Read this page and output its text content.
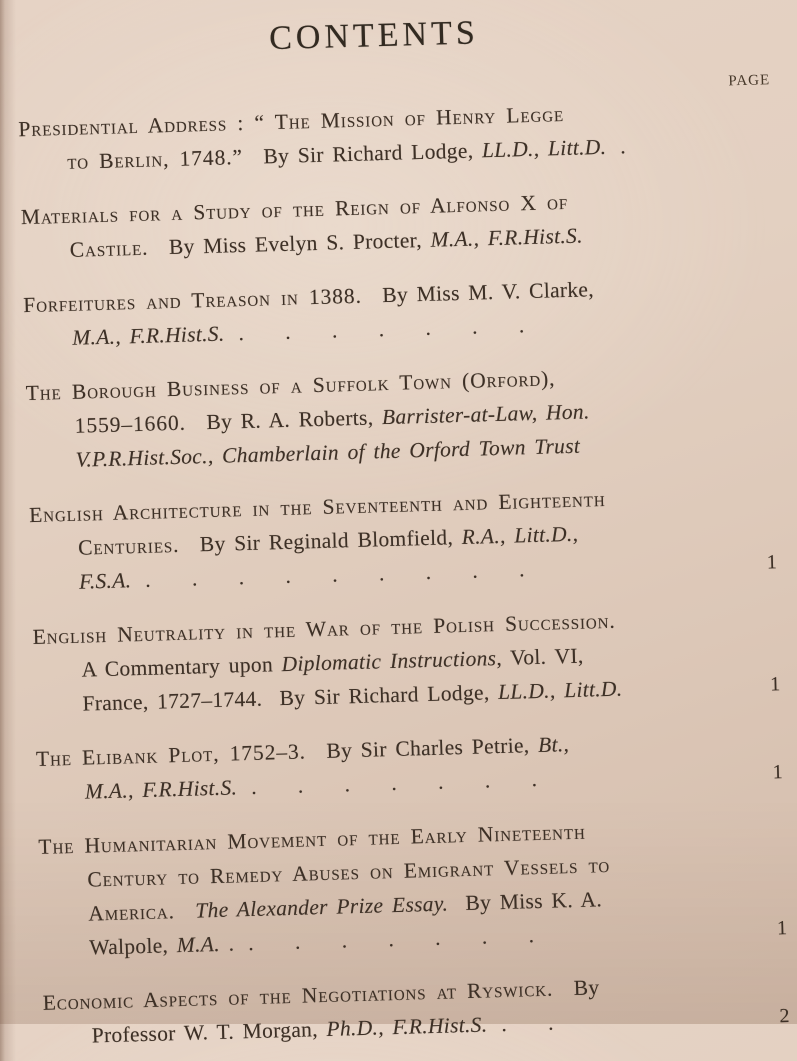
CONTENTS
PAGE
Presidential Address : “ The Mission of Henry Legge
to Berlin, 1748.”  By Sir Richard Lodge, LL.D., Litt.D. .
Materials for a Study of the Reign of Alfonso X of
Castile.  By Miss Evelyn S. Procter, M.A., F.R.Hist.S.
Forfeitures and Treason in 1388.  By Miss M. V. Clarke,
M.A., F.R.Hist.S. . . . . . . .
The Borough Business of a Suffolk Town (Orford),
1559–1660.  By R. A. Roberts, Barrister-at-Law, Hon.
V.P.R.Hist.Soc., Chamberlain of the Orford Town Trust
English Architecture in the Seventeenth and Eighteenth
Centuries.  By Sir Reginald Blomfield, R.A., Litt.D.,
F.S.A. . . . . . . . . .	1
English Neutrality in the War of the Polish Succession.
A Commentary upon Diplomatic Instructions, Vol. VI,
France, 1727–1744.  By Sir Richard Lodge, LL.D., Litt.D.	1
The Elibank Plot, 1752–3.  By Sir Charles Petrie, Bt.,
M.A., F.R.Hist.S. . . . . . . .	1
The Humanitarian Movement of the Early Nineteenth
Century to Remedy Abuses on Emigrant Vessels to
America.  The Alexander Prize Essay.  By Miss K. A.
Walpole, M.A. . . . . . . . .	1
Economic Aspects of the Negotiations at Ryswick.  By
Professor W. T. Morgan, Ph.D., F.R.Hist.S. . .	2
